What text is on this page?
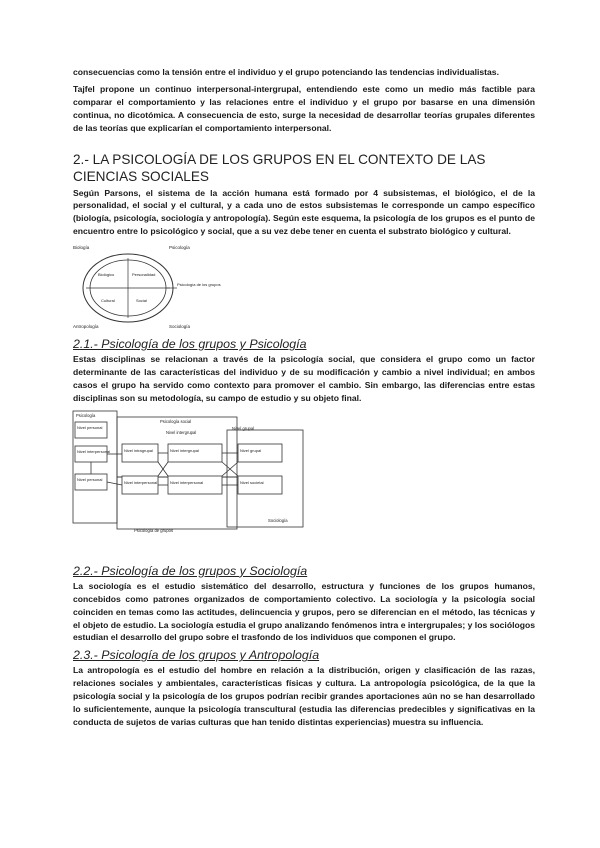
consecuencias como la tensión entre el individuo y el grupo potenciando las tendencias individualistas.

Tajfel propone un continuo interpersonal-intergrupal, entendiendo este como un medio más factible para comparar el comportamiento y las relaciones entre el individuo y el grupo por basarse en una dimensión continua, no dicotómica. A consecuencia de esto, surge la necesidad de desarrollar teorías grupales diferentes de las teorías que explicarían el comportamiento interpersonal.

2.- LA PSICOLOGÍA DE LOS GRUPOS EN EL CONTEXTO DE LAS CIENCIAS SOCIALES

Según Parsons, el sistema de la acción humana está formado por 4 subsistemas, el biológico, el de la personalidad, el social y el cultural, y a cada uno de estos subsistemas le corresponde un campo específico (biología, psicología, sociología y antropología). Según este esquema, la psicología de los grupos es el punto de encuentro entre lo psicológico y social, que a su vez debe tener en cuenta el substrato biológico y cultural.

Biología	Psicología
Antropología	Sociología
Biológico	Personalidad
Cultural	Social
Psicología de los grupos
2.1.- Psicología de los grupos y Psicología

Estas disciplinas se relacionan a través de la psicología social, que considera el grupo como un factor determinante de las características del individuo y de su modificación y cambio a nivel individual; en ambos casos el grupo ha servido como contexto para promover el cambio. Sin embargo, las diferencias entre estas disciplinas son su metodología, su campo de estudio y su objeto final.

Psicología
Psicología social
Nivel intergrupal
Nivel grupal
Sociología
Psicología de grupos
Nivel personal
Nivel interpersonal	Nivel intragrupal	Nivel intergrupal	Nivel grupal
Nivel personal
Nivel interpersonal	Nivel interpersonal	Nivel societal
2.2.- Psicología de los grupos y Sociología

La sociología es el estudio sistemático del desarrollo, estructura y funciones de los grupos humanos, concebidos como patrones organizados de comportamiento colectivo. La sociología y la psicología social coinciden en temas como las actitudes, delincuencia y grupos, pero se diferencian en el método, las técnicas y el objeto de estudio. La sociología estudia el grupo analizando fenómenos intra e intergrupales; y los sociólogos estudian el desarrollo del grupo sobre el trasfondo de los individuos que componen el grupo.

2.3.- Psicología de los grupos y Antropología

La antropología es el estudio del hombre en relación a la distribución, origen y clasificación de las razas, relaciones sociales y ambientales, características físicas y cultura. La antropología psicológica, de la que la psicología social y la psicología de los grupos podrían recibir grandes aportaciones aún no se han desarrollado lo suficientemente, aunque la psicología transcultural (estudia las diferencias predecibles y significativas en la conducta de sujetos de varias culturas que han tenido distintas experiencias) muestra su influencia.
